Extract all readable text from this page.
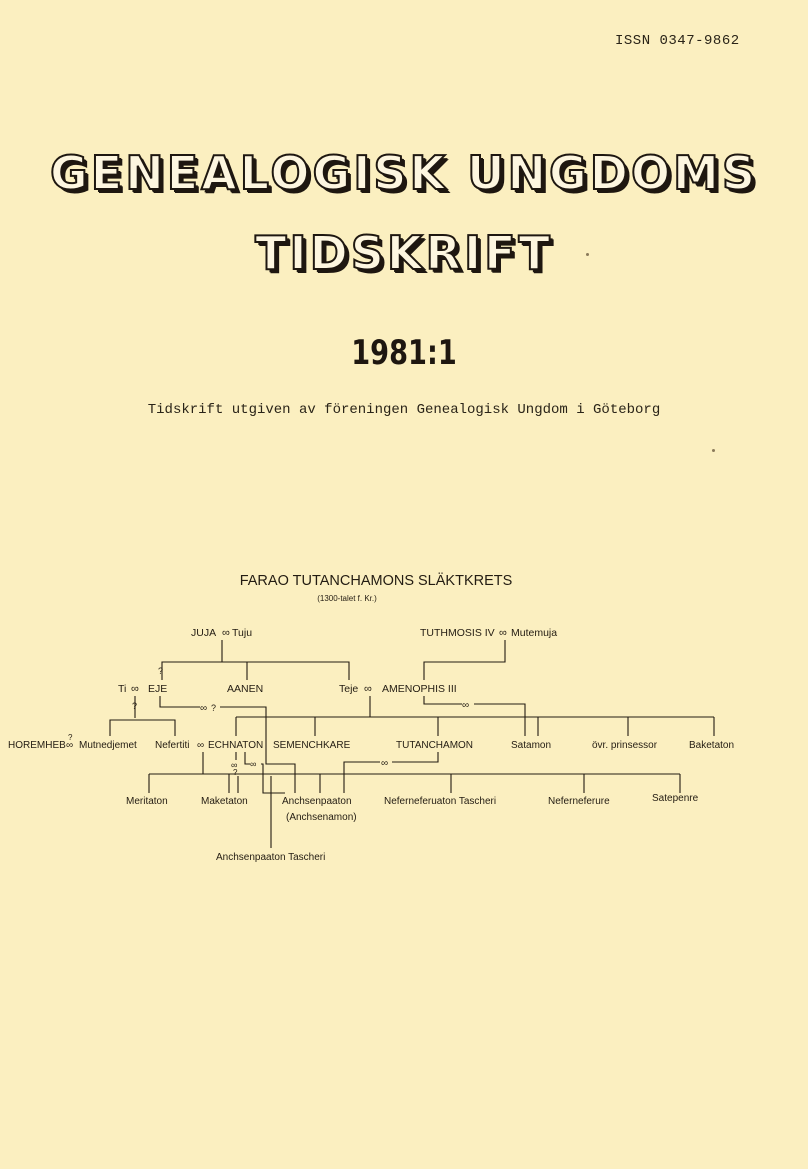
ISSN 0347-9862
GENEALOGISK UNGDOMS
TIDSKRIFT
1981:1
Tidskrift utgiven av föreningen Genealogisk Ungdom i Göteborg
FARAO TUTANCHAMONS SLÄKTKRETS
(1300-talet f. Kr.)
JUJA ∞ Tuju	TUTHMOSIS IV ∞ Mutemuja
?
Ti ∞ EJE	AANEN	Teje ∞ AMENOPHIS III
?	∞ ?	∞
HOREMHEB
?
∞ Mutnedjemet Nefertiti ∞ ECHNATON SEMENCHKARE	TUTANCHAMON	Satamon	övr. prinsessor	Baketaton
∞
?
∞	∞
Meritaton	Maketaton	Anchsenpaaton
(Anchsenamon)
Neferneferuaton Tascheri	Neferneferure	Satepenre
Anchsenpaaton Tascheri
